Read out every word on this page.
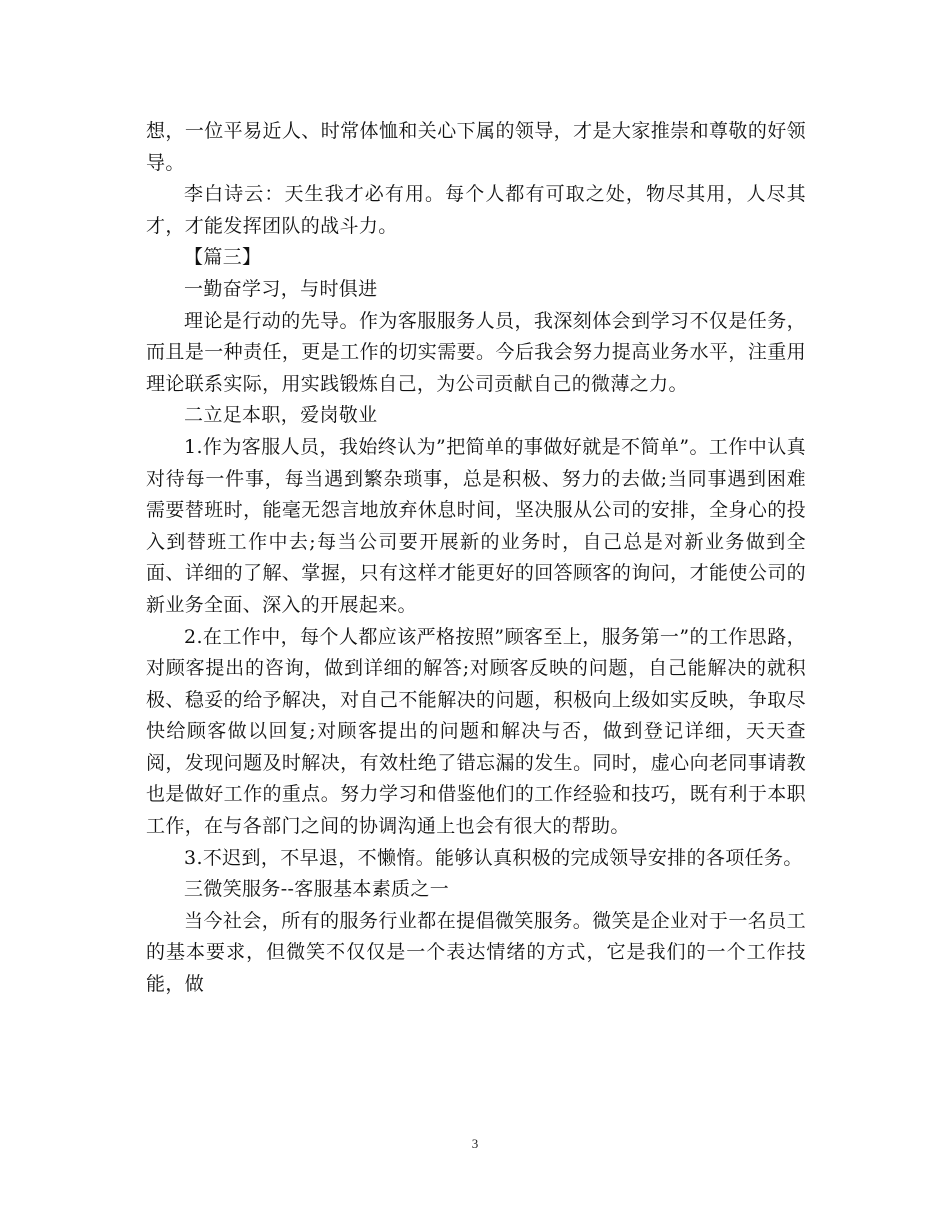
想，一位平易近人、时常体恤和关心下属的领导，才是大家推崇和尊敬的好领导。

李白诗云：天生我才必有用。每个人都有可取之处，物尽其用，人尽其才，才能发挥团队的战斗力。

【篇三】

一勤奋学习，与时俱进

理论是行动的先导。作为客服服务人员，我深刻体会到学习不仅是任务，而且是一种责任，更是工作的切实需要。今后我会努力提高业务水平，注重用理论联系实际，用实践锻炼自己，为公司贡献自己的微薄之力。

二立足本职，爱岗敬业

1.作为客服人员，我始终认为”把简单的事做好就是不简单”。工作中认真对待每一件事，每当遇到繁杂琐事，总是积极、努力的去做;当同事遇到困难需要替班时，能毫无怨言地放弃休息时间，坚决服从公司的安排，全身心的投入到替班工作中去;每当公司要开展新的业务时，自己总是对新业务做到全面、详细的了解、掌握，只有这样才能更好的回答顾客的询问，才能使公司的新业务全面、深入的开展起来。

2.在工作中，每个人都应该严格按照”顾客至上，服务第一”的工作思路，对顾客提出的咨询，做到详细的解答;对顾客反映的问题，自己能解决的就积极、稳妥的给予解决，对自己不能解决的问题，积极向上级如实反映，争取尽快给顾客做以回复;对顾客提出的问题和解决与否，做到登记详细，天天查阅，发现问题及时解决，有效杜绝了错忘漏的发生。同时，虚心向老同事请教也是做好工作的重点。努力学习和借鉴他们的工作经验和技巧，既有利于本职工作，在与各部门之间的协调沟通上也会有很大的帮助。

3.不迟到，不早退，不懒惰。能够认真积极的完成领导安排的各项任务。

三微笑服务--客服基本素质之一

当今社会，所有的服务行业都在提倡微笑服务。微笑是企业对于一名员工的基本要求，但微笑不仅仅是一个表达情绪的方式，它是我们的一个工作技能，做

3
